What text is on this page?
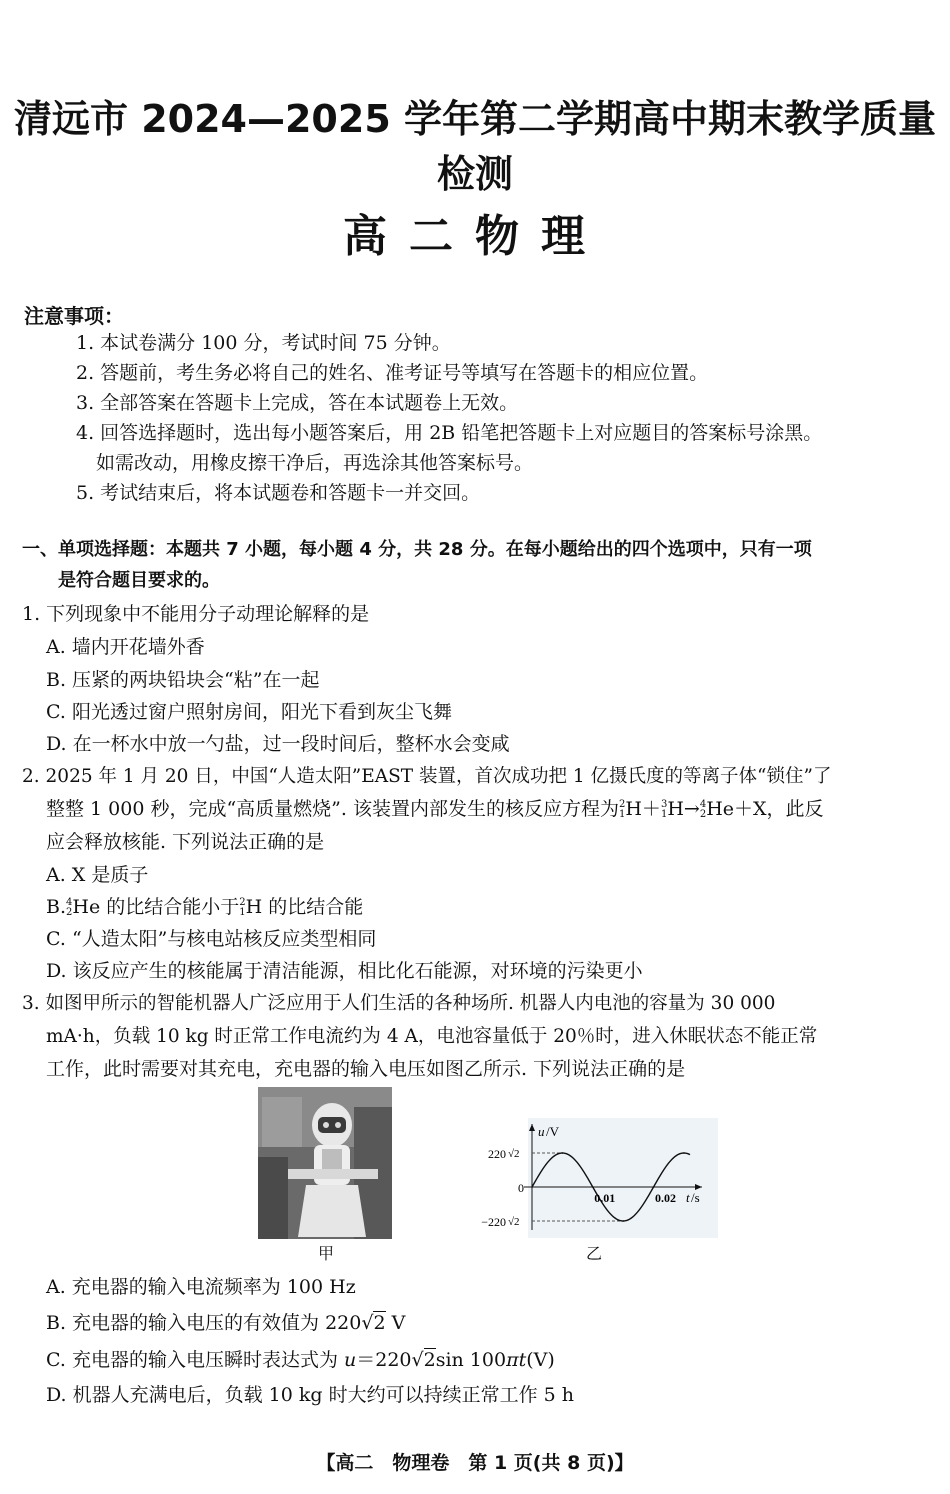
清远市 2024—2025 学年第二学期高中期末教学质量检测
高二物理
注意事项：
1. 本试卷满分 100 分，考试时间 75 分钟。
2. 答题前，考生务必将自己的姓名、准考证号等填写在答题卡的相应位置。
3. 全部答案在答题卡上完成，答在本试题卷上无效。
4. 回答选择题时，选出每小题答案后，用 2B 铅笔把答题卡上对应题目的答案标号涂黑。
如需改动，用橡皮擦干净后，再选涂其他答案标号。
5. 考试结束后，将本试题卷和答题卡一并交回。
一、单项选择题：本题共 7 小题，每小题 4 分，共 28 分。在每小题给出的四个选项中，只有一项
是符合题目要求的。
1. 下列现象中不能用分子动理论解释的是
A. 墙内开花墙外香
B. 压紧的两块铅块会“粘”在一起
C. 阳光透过窗户照射房间，阳光下看到灰尘飞舞
D. 在一杯水中放一勺盐，过一段时间后，整杯水会变咸
2. 2025 年 1 月 20 日，中国“人造太阳”EAST 装置，首次成功把 1 亿摄氏度的等离子体“锁住”了
整整 1 000 秒，完成“高质量燃烧”. 该装置内部发生的核反应方程为 2
1 H＋ 3
1 H→ 4
2 He＋X，此反
应会释放核能. 下列说法正确的是
A. X 是质子
B. 4
2 He 的比结合能小于 2
1 H 的比结合能
C. “人造太阳”与核电站核反应类型相同
D. 该反应产生的核能属于清洁能源，相比化石能源，对环境的污染更小
3. 如图甲所示的智能机器人广泛应用于人们生活的各种场所. 机器人内电池的容量为 30 000
mA·h，负载 10 kg 时正常工作电流约为 4 A，电池容量低于 20％时，进入休眠状态不能正常
工作，此时需要对其充电，充电器的输入电压如图乙所示. 下列说法正确的是
甲
0
0.01	0.02
220 √2
−220 √2
u /V
t /s
乙
A. 充电器的输入电流频率为 100 Hz
B. 充电器的输入电压的有效值为 220√2 V
C. 充电器的输入电压瞬时表达式为 u＝220√2sin 100πt(V)
D. 机器人充满电后，负载 10 kg 时大约可以持续正常工作 5 h
【高二　物理卷　第 1 页(共 8 页)】
